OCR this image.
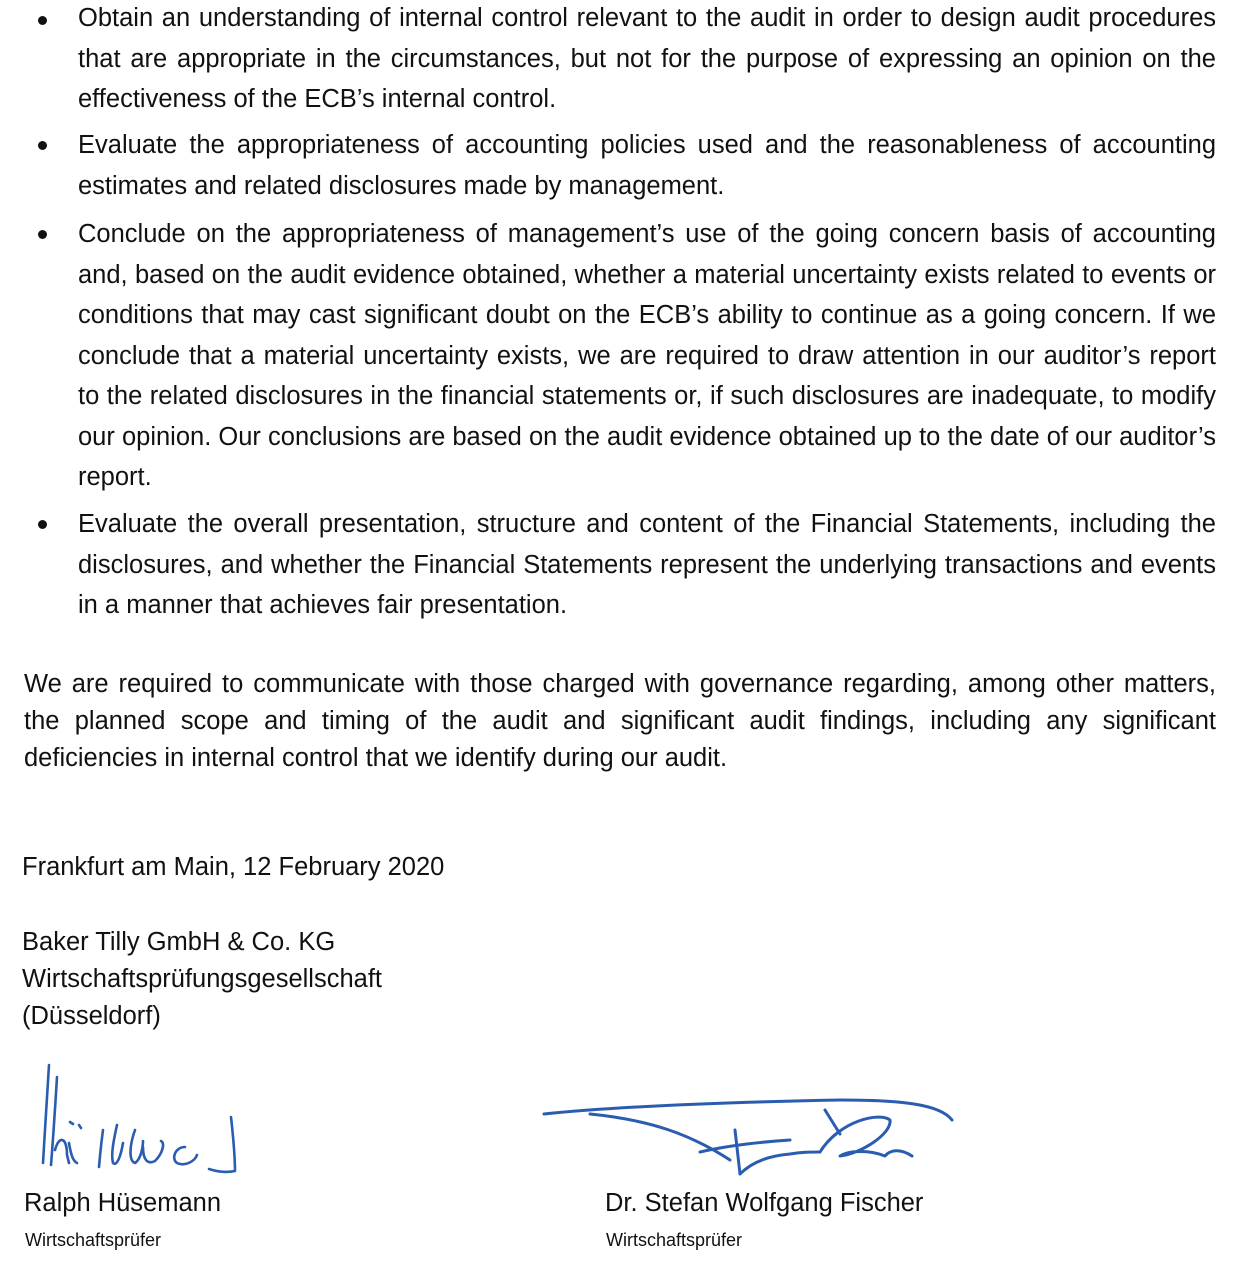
Obtain an understanding of internal control relevant to the audit in order to design audit procedures that are appropriate in the circumstances, but not for the purpose of expressing an opinion on the effectiveness of the ECB’s internal control.
Evaluate the appropriateness of accounting policies used and the reasonableness of accounting estimates and related disclosures made by management.
Conclude on the appropriateness of management’s use of the going concern basis of accounting and, based on the audit evidence obtained, whether a material uncertainty exists related to events or conditions that may cast significant doubt on the ECB’s ability to continue as a going concern. If we conclude that a material uncertainty exists, we are required to draw attention in our auditor’s report to the related disclosures in the financial statements or, if such disclosures are inadequate, to modify our opinion. Our conclusions are based on the audit evidence obtained up to the date of our auditor’s report.
Evaluate the overall presentation, structure and content of the Financial Statements, including the disclosures, and whether the Financial Statements represent the underlying transactions and events in a manner that achieves fair presentation.
We are required to communicate with those charged with governance regarding, among other matters, the planned scope and timing of the audit and significant audit findings, including any significant deficiencies in internal control that we identify during our audit.
Frankfurt am Main, 12 February 2020
Baker Tilly GmbH & Co. KG
Wirtschaftsprüfungsgesellschaft
(Düsseldorf)
Ralph Hüsemann
Wirtschaftsprüfer
Dr. Stefan Wolfgang Fischer
Wirtschaftsprüfer
